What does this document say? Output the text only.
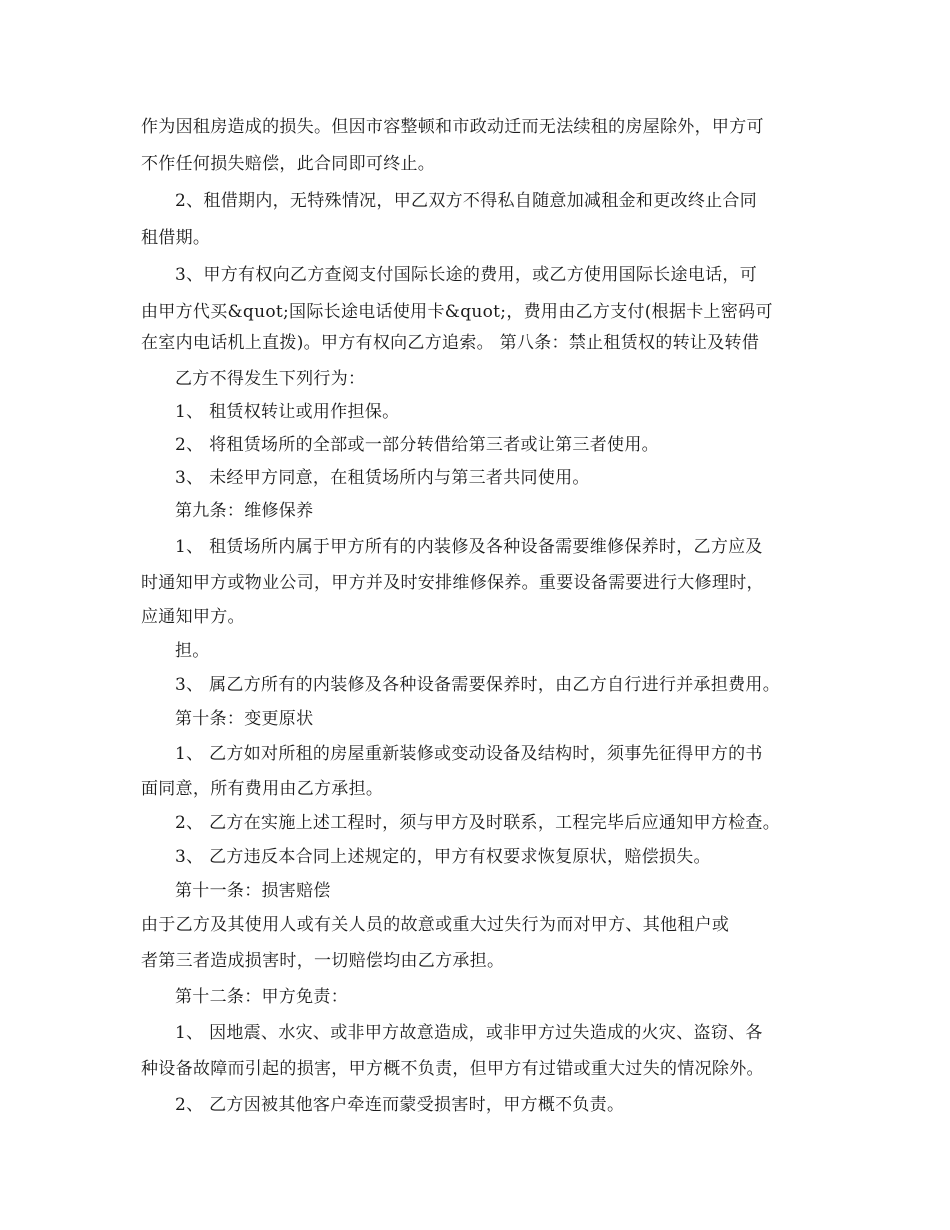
作为因租房造成的损失。但因市容整顿和市政动迁而无法续租的房屋除外，甲方可
不作任何损失赔偿，此合同即可终止。
2、租借期内，无特殊情况，甲乙双方不得私自随意加减租金和更改终止合同
租借期。
3、甲方有权向乙方查阅支付国际长途的费用，或乙方使用国际长途电话，可
由甲方代买&quot;国际长途电话使用卡&quot;，费用由乙方支付(根据卡上密码可
在室内电话机上直拨)。甲方有权向乙方追索。 第八条：禁止租赁权的转让及转借
乙方不得发生下列行为：
1、 租赁权转让或用作担保。
2、 将租赁场所的全部或一部分转借给第三者或让第三者使用。
3、 未经甲方同意，在租赁场所内与第三者共同使用。
第九条：维修保养
1、 租赁场所内属于甲方所有的内装修及各种设备需要维修保养时，乙方应及
时通知甲方或物业公司，甲方并及时安排维修保养。重要设备需要进行大修理时，
应通知甲方。
担。
3、 属乙方所有的内装修及各种设备需要保养时，由乙方自行进行并承担费用。
第十条：变更原状
1、 乙方如对所租的房屋重新装修或变动设备及结构时，须事先征得甲方的书
面同意，所有费用由乙方承担。
2、 乙方在实施上述工程时，须与甲方及时联系，工程完毕后应通知甲方检查。
3、 乙方违反本合同上述规定的，甲方有权要求恢复原状，赔偿损失。
第十一条：损害赔偿
由于乙方及其使用人或有关人员的故意或重大过失行为而对甲方、其他租户或
者第三者造成损害时，一切赔偿均由乙方承担。
第十二条：甲方免责：
1、 因地震、水灾、或非甲方故意造成，或非甲方过失造成的火灾、盗窃、各
种设备故障而引起的损害，甲方概不负责，但甲方有过错或重大过失的情况除外。
2、 乙方因被其他客户牵连而蒙受损害时，甲方概不负责。
